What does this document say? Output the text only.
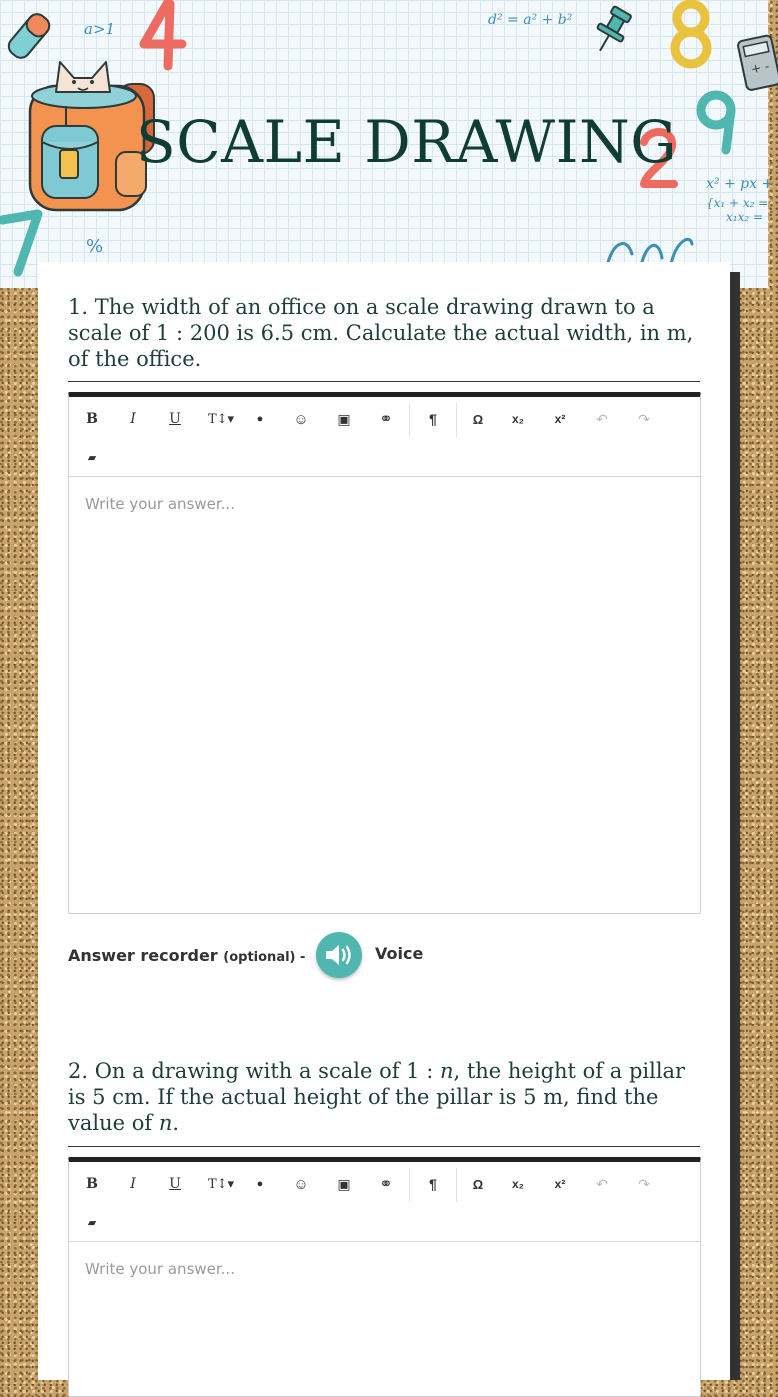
a>1	d² = a² + b²
+ -
x² + px +
{x₁ + x₂ =
x₁x₂ =
%
SCALE DRAWING
1. The width of an office on a scale drawing drawn to a scale of 1 : 200 is 6.5 cm. Calculate the actual width, in m, of the office.
B	I	U	T↕▾	●	☺	▣	⚭	¶	Ω	x₂	x²	↶	↷
▰
Write your answer...
Answer recorder (optional) -	Voice
2. On a drawing with a scale of 1 : n, the height of a pillar is 5 cm. If the actual height of the pillar is 5 m, find the value of n.
B	I	U	T↕▾	●	☺	▣	⚭	¶	Ω	x₂	x²	↶	↷
▰
Write your answer...
